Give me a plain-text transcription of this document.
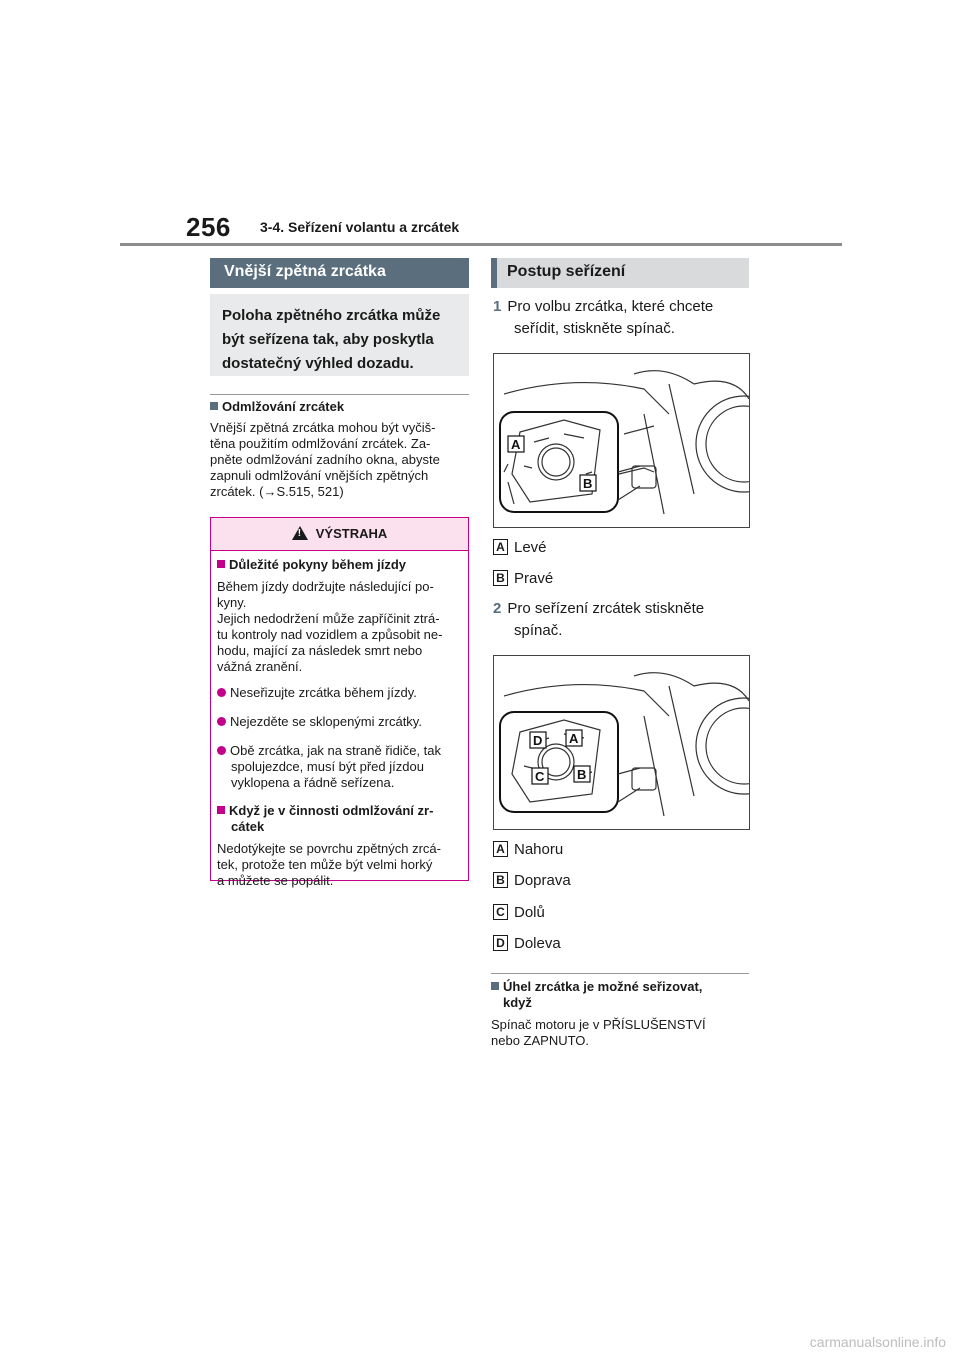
256 3-4. Seřízení volantu a zrcátek
Vnější zpětná zrcátka
Poloha zpětného zrcátka může
být seřízena tak, aby poskytla
dostatečný výhled dozadu.
Odmlžování zrcátek
Vnější zpětná zrcátka mohou být vyčiš-
těna použitím odmlžování zrcátek. Za-
pněte odmlžování zadního okna, abyste
zapnuli odmlžování vnějších zpětných
zrcátek. (→S.515, 521)
! VÝSTRAHA
Důležité pokyny během jízdy
Během jízdy dodržujte následující po-
kyny.
Jejich nedodržení může zapříčinit ztrá-
tu kontroly nad vozidlem a způsobit ne-
hodu, mající za následek smrt nebo
vážná zranění.
Neseřizujte zrcátka během jízdy.
Nejezděte se sklopenými zrcátky.
Obě zrcátka, jak na straně řidiče, tak
spolujezdce, musí být před jízdou
vyklopena a řádně seřízena.
Když je v činnosti odmlžování zr-
cátek
Nedotýkejte se povrchu zpětných zrcá-
tek, protože ten může být velmi horký
a můžete se popálit.
Postup seřízení
1 Pro volbu zrcátka, které chcete
seřídit, stiskněte spínač.
A
B
A Levé
B Pravé
2 Pro seřízení zrcátek stiskněte
spínač.
A
B
C
D
A Nahoru
B Doprava
C Dolů
D Doleva
Úhel zrcátka je možné seřizovat,
když
Spínač motoru je v PŘÍSLUŠENSTVÍ
nebo ZAPNUTO.
carmanualsonline.info
